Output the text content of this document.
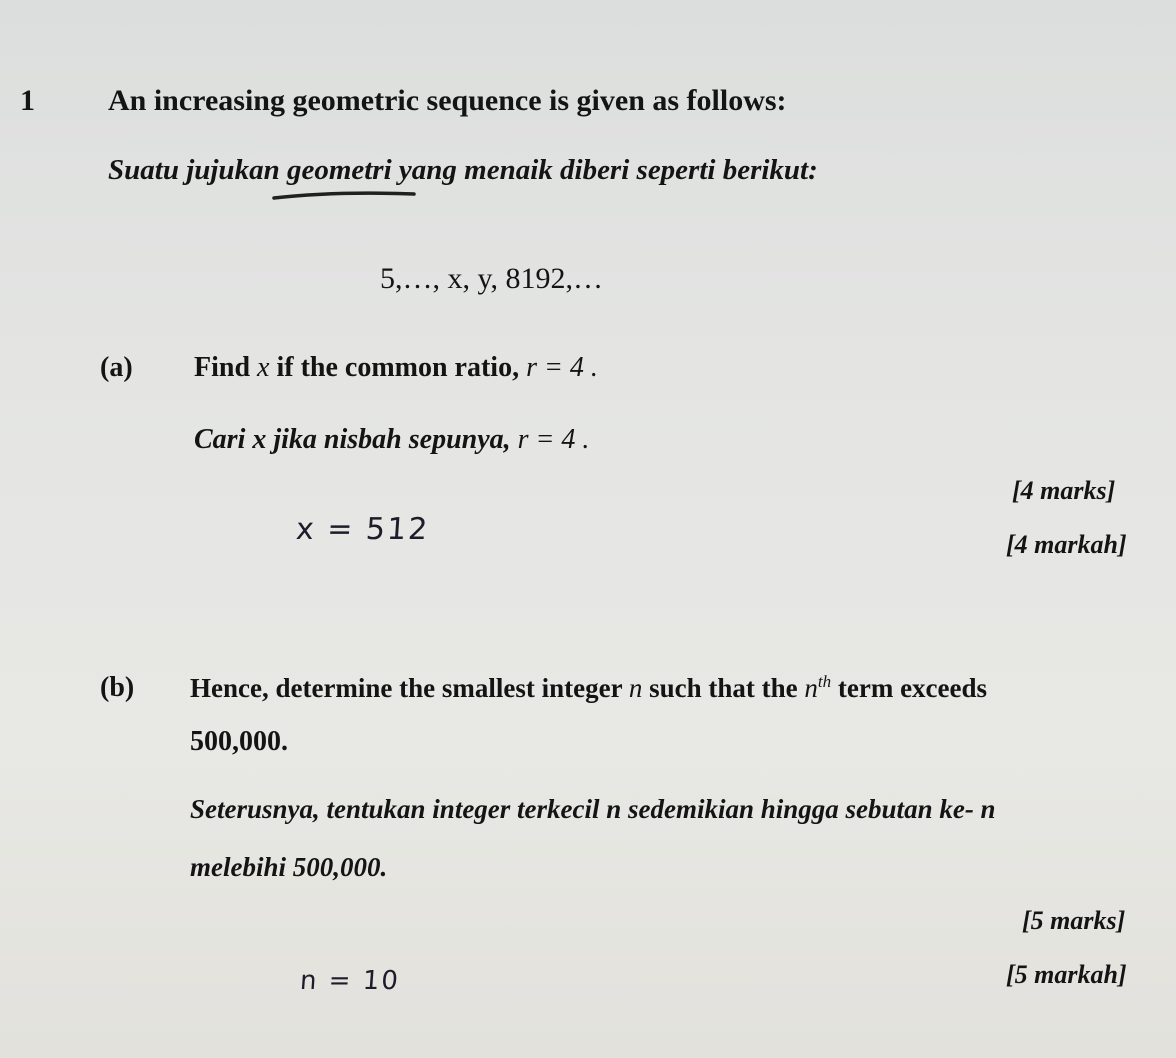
1 An increasing geometric sequence is given as follows:
Suatu jujukan geometri yang menaik diberi seperti berikut:
5,…, x, y, 8192,…
(a) Find x if the common ratio, r = 4 .
Cari x jika nisbah sepunya, r = 4 .
[4 marks]
x = 512	[4 markah]
(b) Hence, determine the smallest integer n such that the $n^{th}$ term exceeds
500,000.
Seterusnya, tentukan integer terkecil n sedemikian hingga sebutan ke- n
melebihi 500,000.
[5 marks]
n = 10	[5 markah]
